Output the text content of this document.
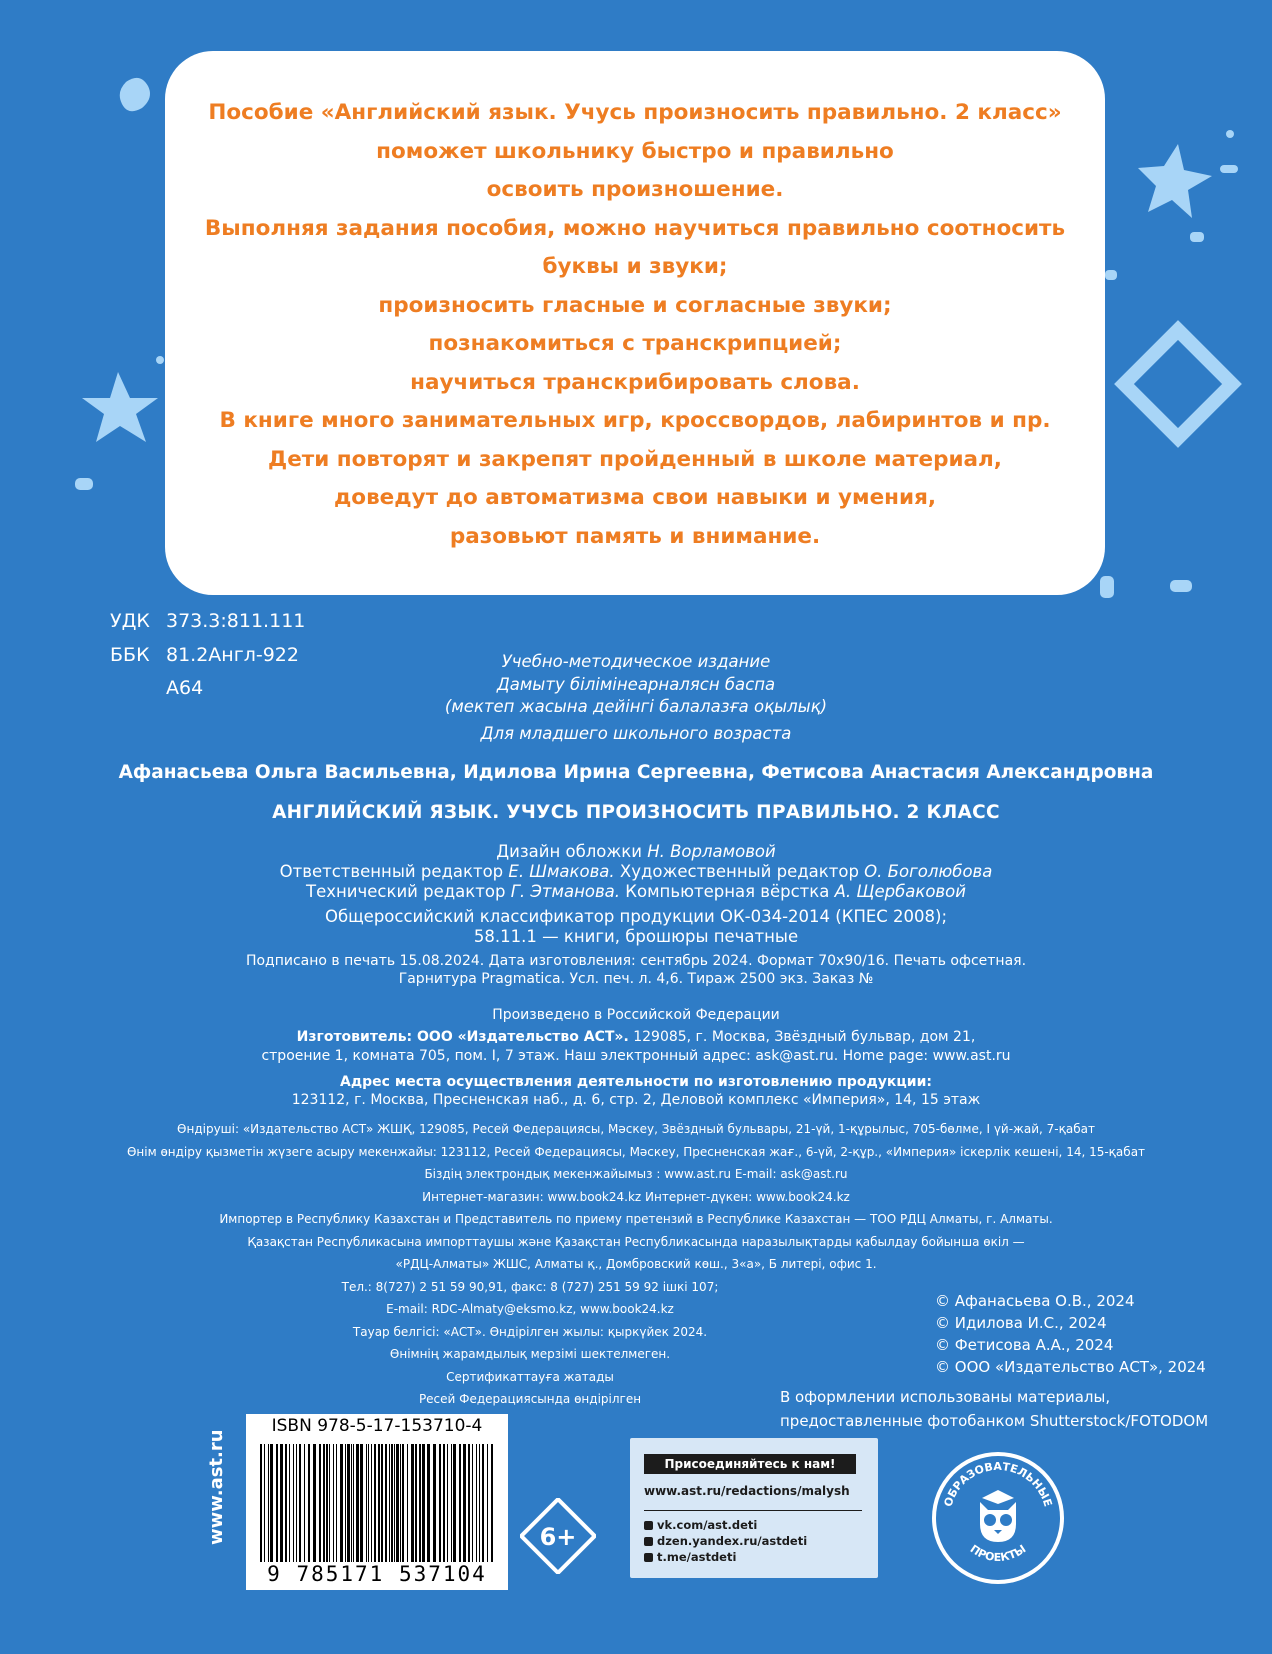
Пособие «Английский язык. Учусь произносить правильно. 2 класс»
поможет школьнику быстро и правильно
освоить произношение.
Выполняя задания пособия, можно научиться правильно соотносить
буквы и звуки;
произносить гласные и согласные звуки;
познакомиться с транскрипцией;
научиться транскрибировать слова.
В книге много занимательных игр, кроссвордов, лабиринтов и пр.
Дети повторят и закрепят пройденный в школе материал,
доведут до автоматизма свои навыки и умения,
разовьют память и внимание.
УДК 373.3:811.111
ББК 81.2Англ-922
А64
Учебно-методическое издание
Дамыту білімінеарналяcн баспа
(мектеп жасына дейінгі балалазға оқылық)
Для младшего школьного возраста
Афанасьева Ольга Васильевна, Идилова Ирина Сергеевна, Фетисова Анастасия Александровна
АНГЛИЙСКИЙ ЯЗЫК. УЧУСЬ ПРОИЗНОСИТЬ ПРАВИЛЬНО. 2 КЛАСС
Дизайн обложки Н. Ворламовой
Ответственный редактор Е. Шмакова. Художественный редактор О. Боголюбова
Технический редактор Г. Этманова. Компьютерная вёрстка А. Щербаковой
Общероссийский классификатор продукции ОК-034-2014 (КПЕС 2008);
58.11.1 — книги, брошюры печатные
Подписано в печать 15.08.2024. Дата изготовления: сентябрь 2024. Формат 70х90/16. Печать офсетная.
Гарнитура Pragmatica. Усл. печ. л. 4,6. Тираж 2500 экз. Заказ №
Произведено в Российской Федерации
Изготовитель: ООО «Издательство АСТ». 129085, г. Москва, Звёздный бульвар, дом 21,
строение 1, комната 705, пом. I, 7 этаж. Наш электронный адрес: ask@ast.ru. Home page: www.ast.ru
Адрес места осуществления деятельности по изготовлению продукции:
123112, г. Москва, Пресненская наб., д. 6, стр. 2, Деловой комплекс «Империя», 14, 15 этаж
Өндіруші: «Издательство АСТ» ЖШҚ, 129085, Ресей Федерациясы, Мәскеу, Звёздный бульвары, 21-үй, 1-құрылыс, 705-бөлме, I үй-жай, 7-қабат
Өнім өндіру қызметін жүзеге асыру мекенжайы: 123112, Ресей Федерациясы, Мәскеу, Пресненская жағ., 6-үй, 2-құр., «Империя» іскерлік кешені, 14, 15-қабат
Біздің электрондық мекенжайымыз : www.ast.ru E-mail: ask@ast.ru
Интернет-магазин: www.book24.kz Интернет-дүкен: www.book24.kz
Импортер в Республику Казахстан и Представитель по приему претензий в Республике Казахстан — ТОО РДЦ Алматы, г. Алматы.
Қазақстан Республикасына импорттаушы және Қазақстан Республикасында наразылықтарды қабылдау бойынша өкіл —
«РДЦ-Алматы» ЖШС, Алматы қ., Домбровский көш., 3«а», Б литері, офис 1.
Тел.: 8(727) 2 51 59 90,91, факс: 8 (727) 251 59 92 ішкі 107;
E-mail: RDC-Almaty@eksmo.kz, www.book24.kz
Тауар белгісі: «АСТ». Өндірілген жылы: қыркүйек 2024.
Өнімнің жарамдылық мерзімі шектелмеген.
Сертификаттауға жатады
Ресей Федерациясында өндірілген
© Афанасьева О.В., 2024
© Идилова И.С., 2024
© Фетисова А.А., 2024
© ООО «Издательство АСТ», 2024
В оформлении использованы материалы,
предоставленные фотобанком Shutterstock/FOTODOM
ISBN 978-5-17-153710-4
9 785171 537104
www.ast.ru	6+
Присоединяйтесь к нам!
www.ast.ru/redactions/malysh
vk.com/ast.deti
dzen.yandex.ru/astdeti
t.me/astdeti
ОБРАЗОВАТЕЛЬНЫЕ
ПРОЕКТЫ
